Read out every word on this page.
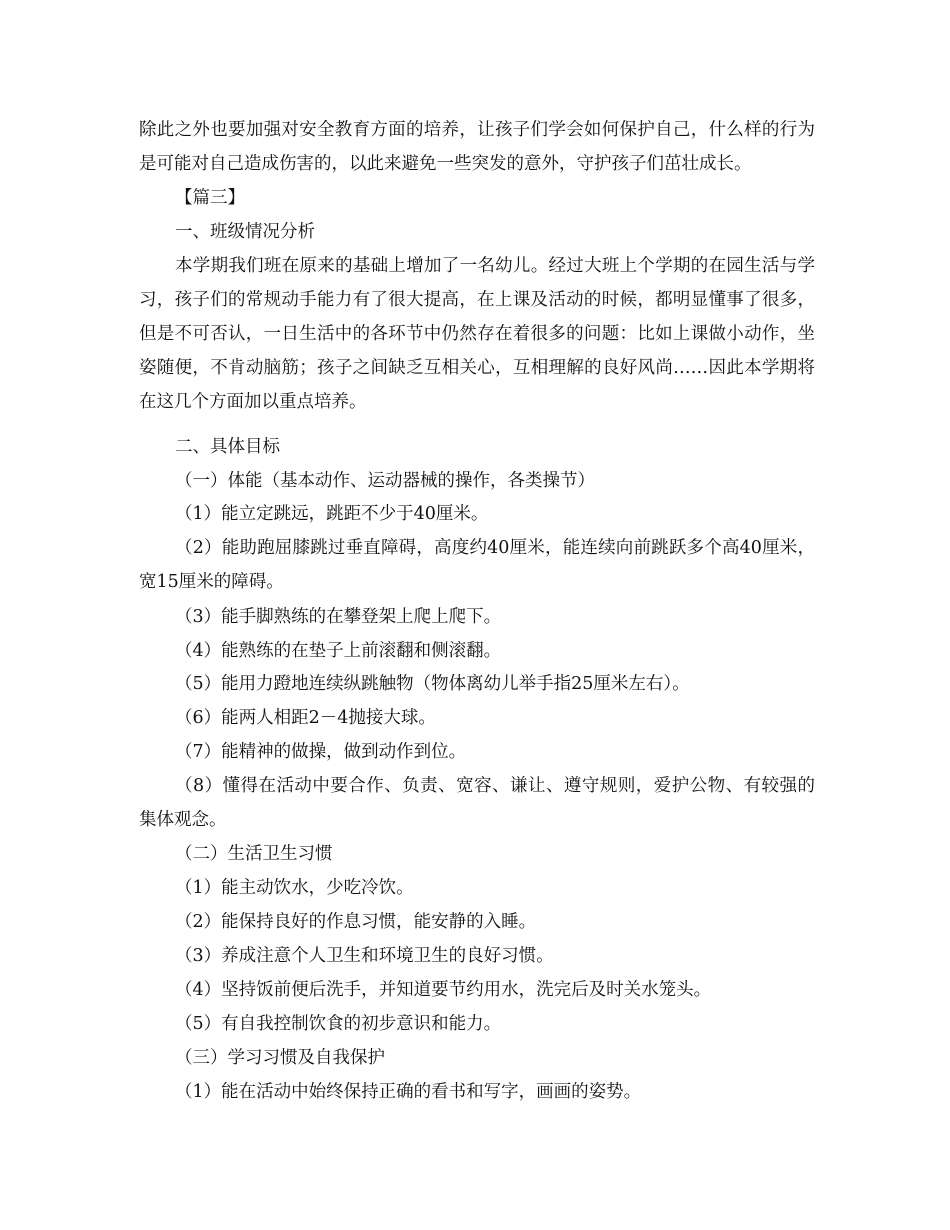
除此之外也要加强对安全教育方面的培养，让孩子们学会如何保护自己，什么样的行为是可能对自己造成伤害的，以此来避免一些突发的意外，守护孩子们茁壮成长。

【篇三】

一、班级情况分析

本学期我们班在原来的基础上增加了一名幼儿。经过大班上个学期的在园生活与学习，孩子们的常规动手能力有了很大提高，在上课及活动的时候，都明显懂事了很多，但是不可否认，一日生活中的各环节中仍然存在着很多的问题：比如上课做小动作，坐姿随便，不肯动脑筋；孩子之间缺乏互相关心，互相理解的良好风尚……因此本学期将在这几个方面加以重点培养。

二、具体目标

（一）体能（基本动作、运动器械的操作，各类操节）

（1）能立定跳远，跳距不少于40厘米。

（2）能助跑屈膝跳过垂直障碍，高度约40厘米，能连续向前跳跃多个高40厘米，宽15厘米的障碍。

（3）能手脚熟练的在攀登架上爬上爬下。

（4）能熟练的在垫子上前滚翻和侧滚翻。

（5）能用力蹬地连续纵跳触物（物体离幼儿举手指25厘米左右）。

（6）能两人相距2－4抛接大球。

（7）能精神的做操，做到动作到位。

（8）懂得在活动中要合作、负责、宽容、谦让、遵守规则，爱护公物、有较强的集体观念。

（二）生活卫生习惯

（1）能主动饮水，少吃冷饮。

（2）能保持良好的作息习惯，能安静的入睡。

（3）养成注意个人卫生和环境卫生的良好习惯。

（4）坚持饭前便后洗手，并知道要节约用水，洗完后及时关水笼头。

（5）有自我控制饮食的初步意识和能力。

（三）学习习惯及自我保护

（1）能在活动中始终保持正确的看书和写字，画画的姿势。
